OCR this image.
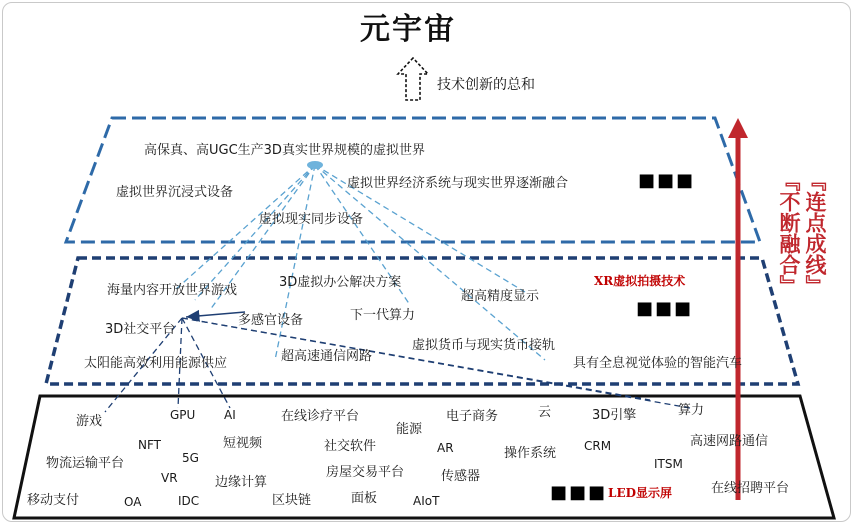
元宇宙
技术创新的总和
『连点成线』
『不断融合』
高保真、高UGC生产3D真实世界规模的虚拟世界
虚拟世界沉浸式设备
虚拟世界经济系统与现实世界逐渐融合
虚拟现实同步设备
■■■
海量内容开放世界游戏
3D虚拟办公解决方案
超高精度显示
XR虚拟拍摄技术
3D社交平台
多感官设备	下一代算力
虚拟货币与现实货币接轨
超高速通信网路
太阳能高效利用能源供应	具有全息视觉体验的智能汽车
■■■
游戏	GPU AI	在线诊疗平台
能源
电子商务	云	3D引擎	算力
NFT	短视频	社交软件	AR	操作系统 CRM	高速网路通信
物流运输平台	5G	ITSM
VR	边缘计算
房屋交易平台	传感器
移动支付	OA	IDC	区块链	面板	AIoT
LED显示屏	在线招聘平台
■■■
